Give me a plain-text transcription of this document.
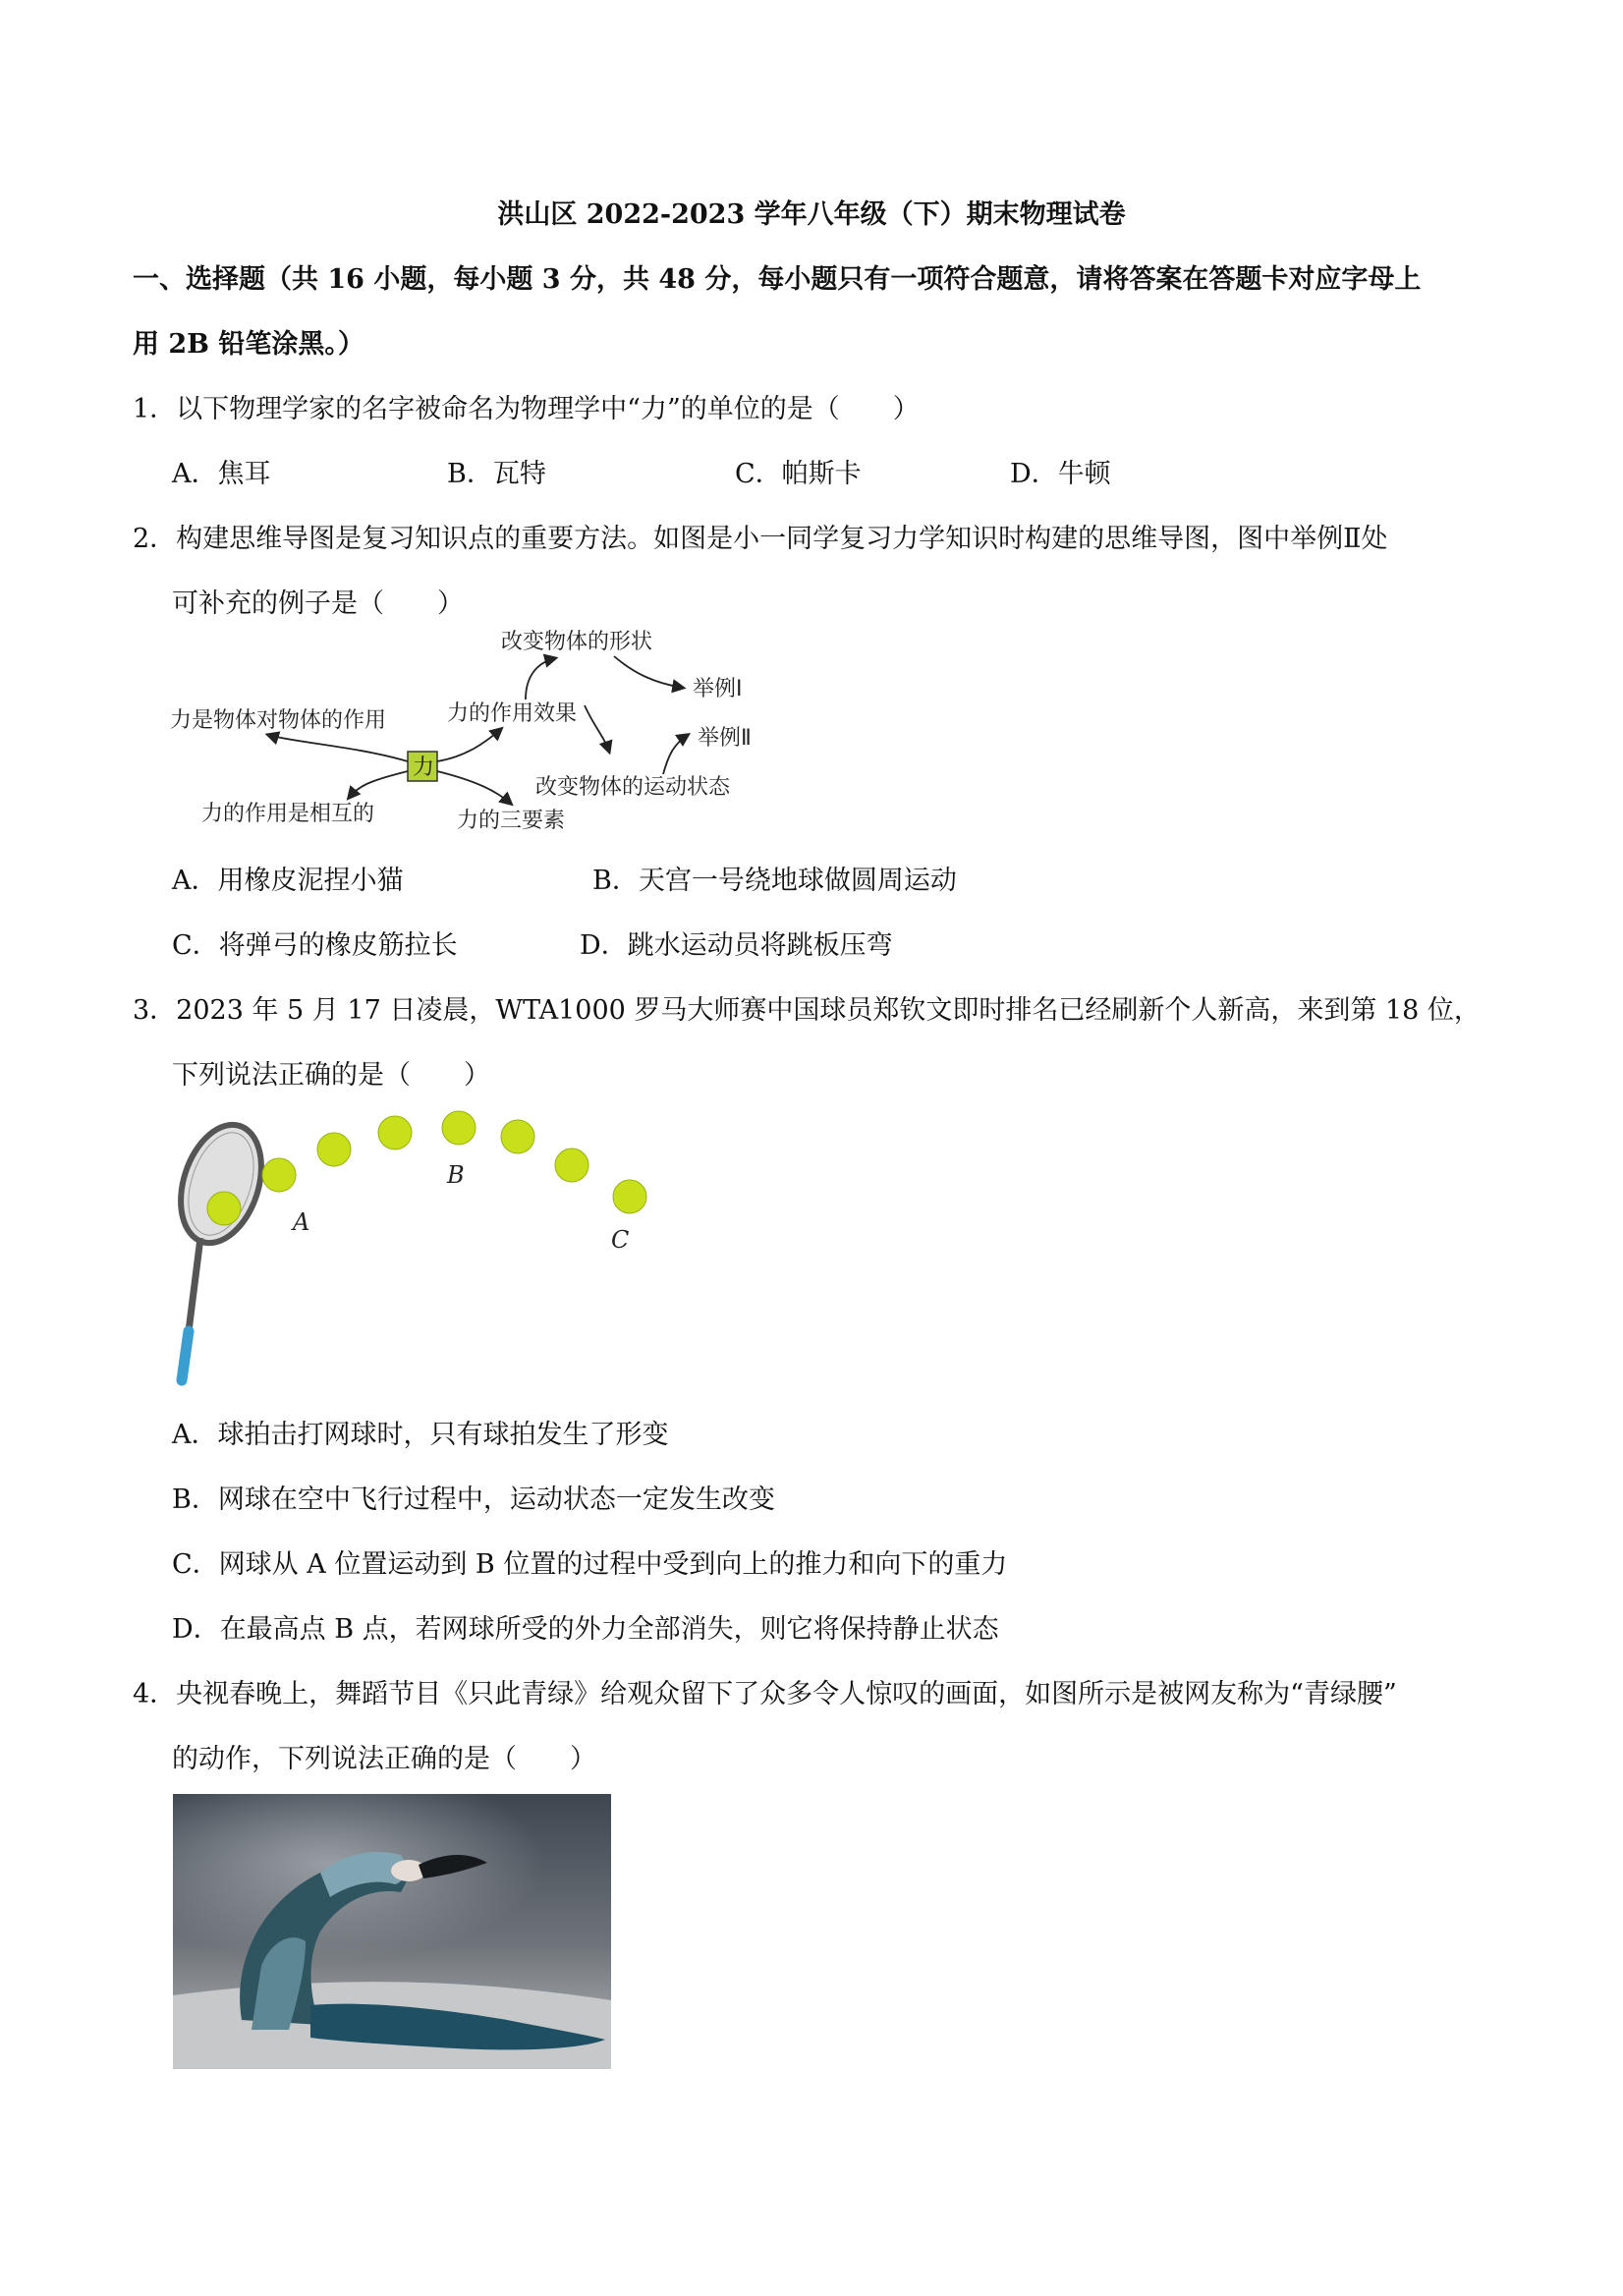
洪山区 2022-2023 学年八年级（下）期末物理试卷
一、选择题（共 16 小题，每小题 3 分，共 48 分，每小题只有一项符合题意，请将答案在答题卡对应字母上
用 2B 铅笔涂黑。）
1．以下物理学家的名字被命名为物理学中“力”的单位的是（　　）
A．焦耳	B．瓦特	C．帕斯卡	D．牛顿
2．构建思维导图是复习知识点的重要方法。如图是小一同学复习力学知识时构建的思维导图，图中举例Ⅱ处
可补充的例子是（　　）
力
力是物体对物体的作用
力的作用是相互的
力的作用效果
力的三要素
改变物体的形状
改变物体的运动状态
举例Ⅰ
举例Ⅱ
A．用橡皮泥捏小猫	B．天宫一号绕地球做圆周运动
C．将弹弓的橡皮筋拉长	D．跳水运动员将跳板压弯
3．2023 年 5 月 17 日凌晨，WTA1000 罗马大师赛中国球员郑钦文即时排名已经刷新个人新高，来到第 18 位，
下列说法正确的是（　　）
A
B
C
A．球拍击打网球时，只有球拍发生了形变
B．网球在空中飞行过程中，运动状态一定发生改变
C．网球从 A 位置运动到 B 位置的过程中受到向上的推力和向下的重力
D．在最高点 B 点，若网球所受的外力全部消失，则它将保持静止状态
4．央视春晚上，舞蹈节目《只此青绿》给观众留下了众多令人惊叹的画面，如图所示是被网友称为“青绿腰”
的动作，下列说法正确的是（　　）
